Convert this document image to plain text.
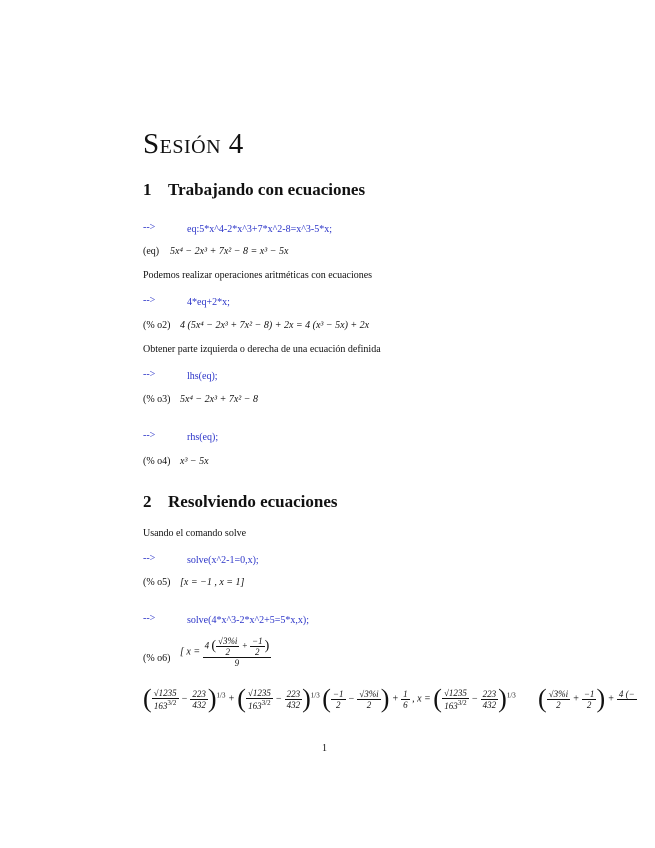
Sesión 4
1 Trabajando con ecuaciones
-->	eq:5*x^4-2*x^3+7*x^2-8=x^3-5*x;
(eq) 5x⁴ − 2x³ + 7x² − 8 = x³ − 5x
Podemos realizar operaciones aritméticas con ecuaciones
-->	4*eq+2*x;
(% o2) 4 (5x⁴ − 2x³ + 7x² − 8) + 2x = 4 (x³ − 5x) + 2x
Obtener parte izquierda o derecha de una ecuación definida
-->	lhs(eq);
(% o3) 5x⁴ − 2x³ + 7x² − 8
-->	rhs(eq);
(% o4) x³ − 5x
2 Resolviendo ecuaciones
Usando el comando solve
-->	solve(x^2-1=0,x);
(% o5) [x = −1 , x = 1]
-->	solve(4*x^3-2*x^2+5=5*x,x);
(% o6)
[ $x = \frac{4 ( \frac{√3\%i}{2} + \frac{-1}{2} )}{9}$
( $\frac{√1235}{163^{3/2}} - \frac{223}{432} )^{1/3}$ + ( $\frac{√1235}{163^{3/2}} - \frac{223}{432} )^{1/3}$ ( $\frac{-1}{2} - \frac{√3\%i}{2}$ ) + $\frac{1}{6}$ , x = ( $\frac{√1235}{163^{3/2}} - \frac{223}{432} )^{1/3}$ ( $\frac{√3\%i}{2} + \frac{-1}{2}$ ) + 4 (−

1
